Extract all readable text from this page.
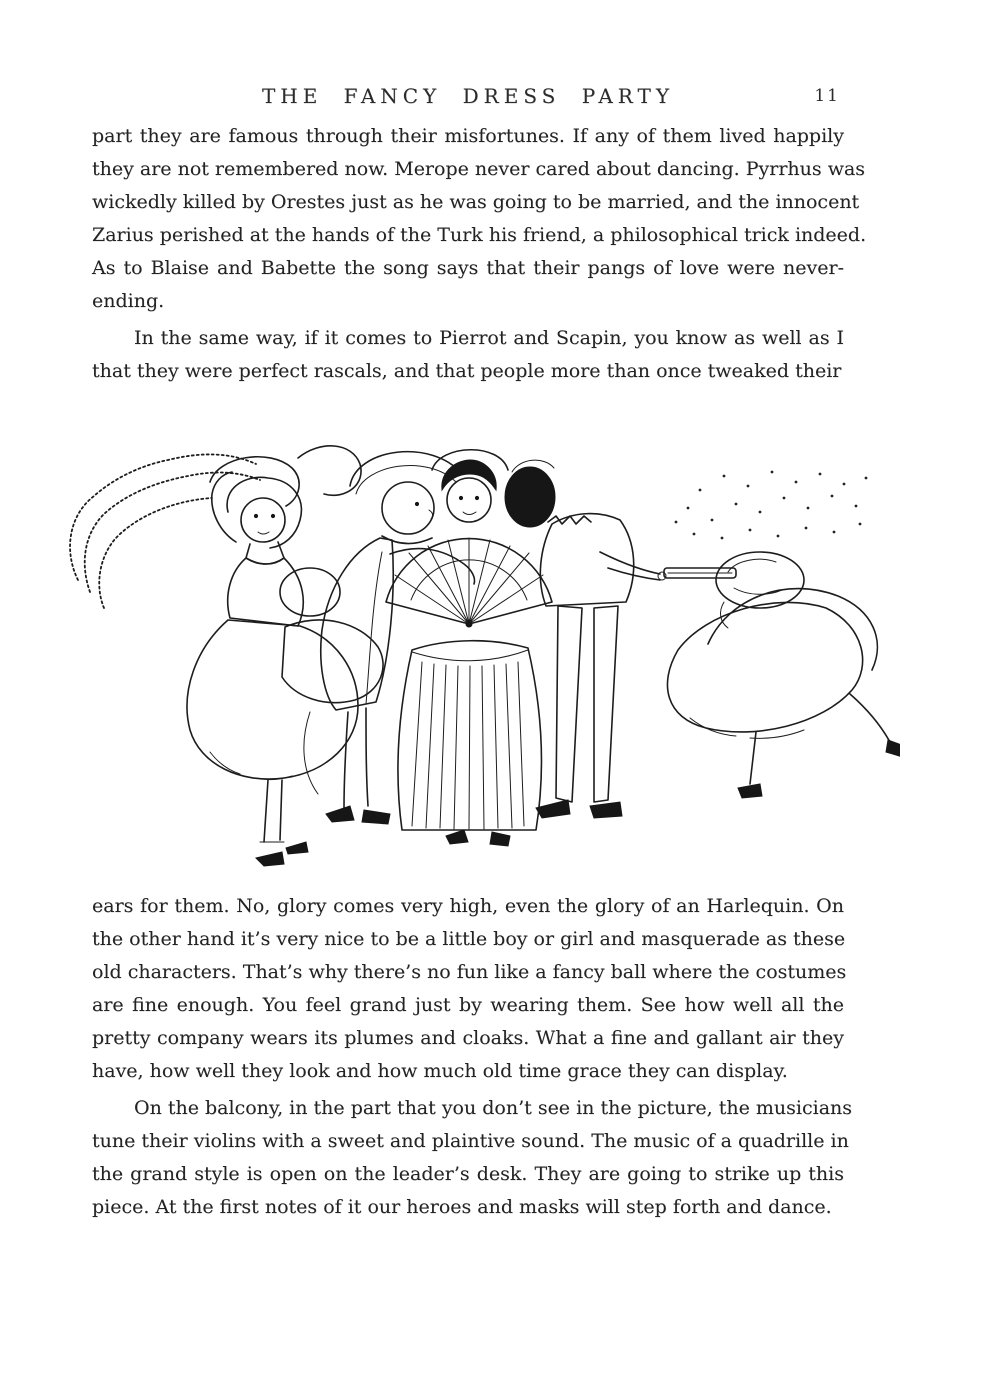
THE FANCY DRESS PARTY	11
part they are famous through their misfortunes. If any of them lived happily
they are not remembered now. Merope never cared about dancing. Pyrrhus was
wickedly killed by Orestes just as he was going to be married, and the innocent
Zarius perished at the hands of the Turk his friend, a philosophical trick indeed.
As to Blaise and Babette the song says that their pangs of love were never-
ending.
In the same way, if it comes to Pierrot and Scapin, you know as well as I
that they were perfect rascals, and that people more than once tweaked their
ears for them. No, glory comes very high, even the glory of an Harlequin. On
the other hand it’s very nice to be a little boy or girl and masquerade as these
old characters. That’s why there’s no fun like a fancy ball where the costumes
are fine enough. You feel grand just by wearing them. See how well all the
pretty company wears its plumes and cloaks. What a fine and gallant air they
have, how well they look and how much old time grace they can display.
On the balcony, in the part that you don’t see in the picture, the musicians
tune their violins with a sweet and plaintive sound. The music of a quadrille in
the grand style is open on the leader’s desk. They are going to strike up this
piece. At the first notes of it our heroes and masks will step forth and dance.
